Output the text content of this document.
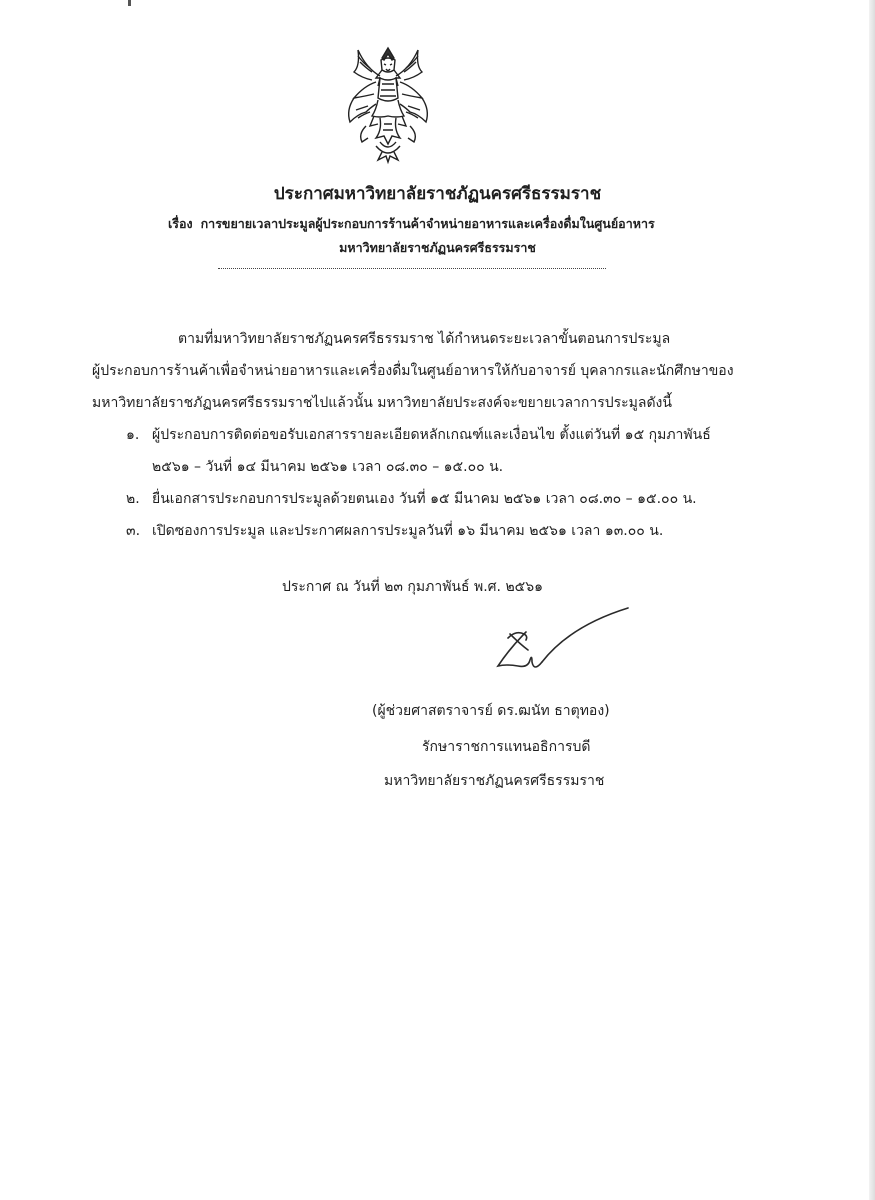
ประกาศมหาวิทยาลัยราชภัฏนครศรีธรรมราช
เรื่อง การขยายเวลาประมูลผู้ประกอบการร้านค้าจำหน่ายอาหารและเครื่องดื่มในศูนย์อาหาร
มหาวิทยาลัยราชภัฏนครศรีธรรมราช
ตามที่มหาวิทยาลัยราชภัฏนครศรีธรรมราช ได้กำหนดระยะเวลาขั้นตอนการประมูล
ผู้ประกอบการร้านค้าเพื่อจำหน่ายอาหารและเครื่องดื่มในศูนย์อาหารให้กับอาจารย์ บุคลากรและนักศึกษาของ
มหาวิทยาลัยราชภัฏนครศรีธรรมราชไปแล้วนั้น มหาวิทยาลัยประสงค์จะขยายเวลาการประมูลดังนี้
๑. ผู้ประกอบการติดต่อขอรับเอกสารรายละเอียดหลักเกณฑ์และเงื่อนไข ตั้งแต่วันที่ ๑๕ กุมภาพันธ์
๒๕๖๑ – วันที่ ๑๔ มีนาคม ๒๕๖๑ เวลา ๐๘.๓๐ – ๑๕.๐๐ น.
๒. ยื่นเอกสารประกอบการประมูลด้วยตนเอง วันที่ ๑๕ มีนาคม ๒๕๖๑ เวลา ๐๘.๓๐ – ๑๕.๐๐ น.
๓. เปิดซองการประมูล และประกาศผลการประมูลวันที่ ๑๖ มีนาคม ๒๕๖๑ เวลา ๑๓.๐๐ น.
ประกาศ ณ วันที่ ๒๓ กุมภาพันธ์ พ.ศ. ๒๕๖๑
(ผู้ช่วยศาสตราจารย์ ดร.ฒนัท ธาตุทอง)
รักษาราชการแทนอธิการบดี
มหาวิทยาลัยราชภัฏนครศรีธรรมราช
